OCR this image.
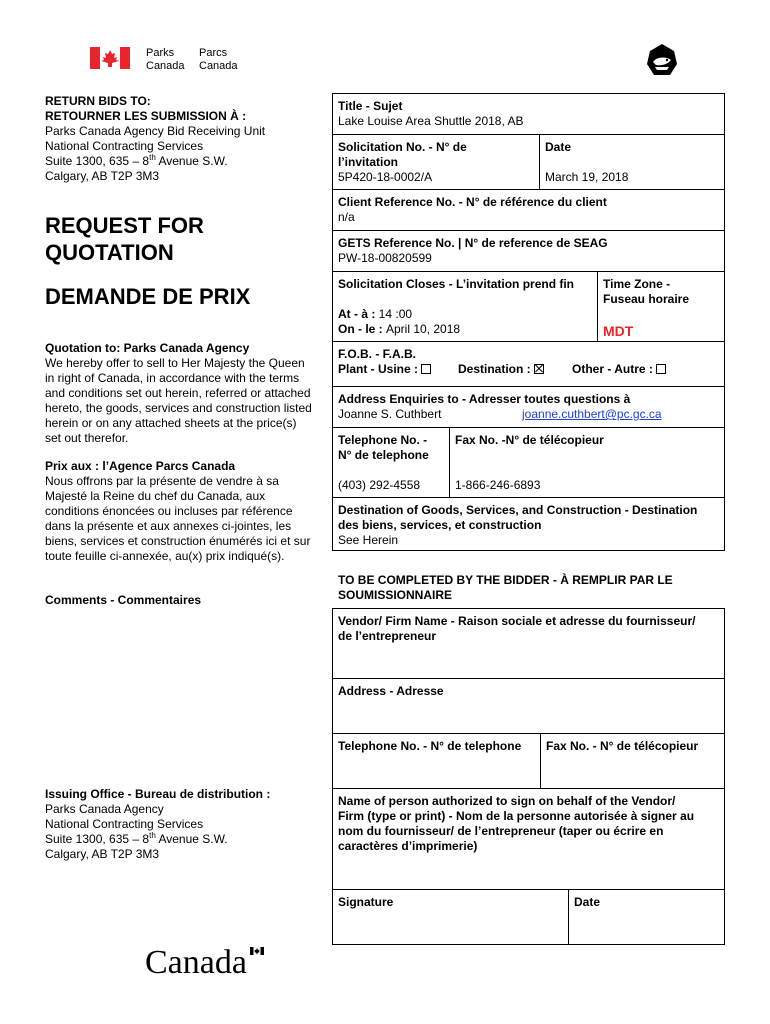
Parks
Canada
Parcs
Canada
RETURN BIDS TO:
RETOURNER LES SUBMISSION À :
Parks Canada Agency Bid Receiving Unit
National Contracting Services
Suite 1300, 635 – 8th Avenue S.W.
Calgary, AB T2P 3M3
REQUEST FOR
QUOTATION
DEMANDE DE PRIX
Quotation to: Parks Canada Agency
We hereby offer to sell to Her Majesty the Queen
in right of Canada, in accordance with the terms
and conditions set out herein, referred or attached
hereto, the goods, services and construction listed
herein or on any attached sheets at the price(s)
set out therefor.
Prix aux : l’Agence Parcs Canada
Nous offrons par la présente de vendre à sa
Majesté la Reine du chef du Canada, aux
conditions énoncées ou incluses par référence
dans la présente et aux annexes ci-jointes, les
biens, services et construction énumérés ici et sur
toute feuille ci-annexée, au(x) prix indiqué(s).
Comments - Commentaires
Issuing Office - Bureau de distribution :
Parks Canada Agency
National Contracting Services
Suite 1300, 635 – 8th Avenue S.W.
Calgary, AB T2P 3M3
Canada
Title - Sujet
Lake Louise Area Shuttle 2018, AB
Solicitation No. - N° de
l’invitation
5P420-18-0002/A
Date

March 19, 2018
Client Reference No. - N° de référence du client
n/a
GETS Reference No. | N° de reference de SEAG
PW-18-00820599
Solicitation Closes - L’invitation prend fin

At - à : 14 :00
On - le : April 10, 2018
Time Zone -
Fuseau horaire

MDT
F.O.B. - F.A.B.
Plant - Usine :	Destination :	Other - Autre :
Address Enquiries to - Adresser toutes questions à
Joanne S. Cuthbert	joanne.cuthbert@pc.gc.ca
Telephone No. -
N° de telephone

(403) 292-4558
Fax No. -N° de télécopieur

1-866-246-6893
Destination of Goods, Services, and Construction - Destination
des biens, services, et construction
See Herein
TO BE COMPLETED BY THE BIDDER - À REMPLIR PAR LE
SOUMISSIONNAIRE
Vendor/ Firm Name - Raison sociale et adresse du fournisseur/
de l’entrepreneur
Address - Adresse
Telephone No. - N° de telephone	Fax No. - N° de télécopieur
Name of person authorized to sign on behalf of the Vendor/
Firm (type or print) - Nom de la personne autorisée à signer au
nom du fournisseur/ de l’entrepreneur (taper ou écrire en
caractères d’imprimerie)
Signature	Date
